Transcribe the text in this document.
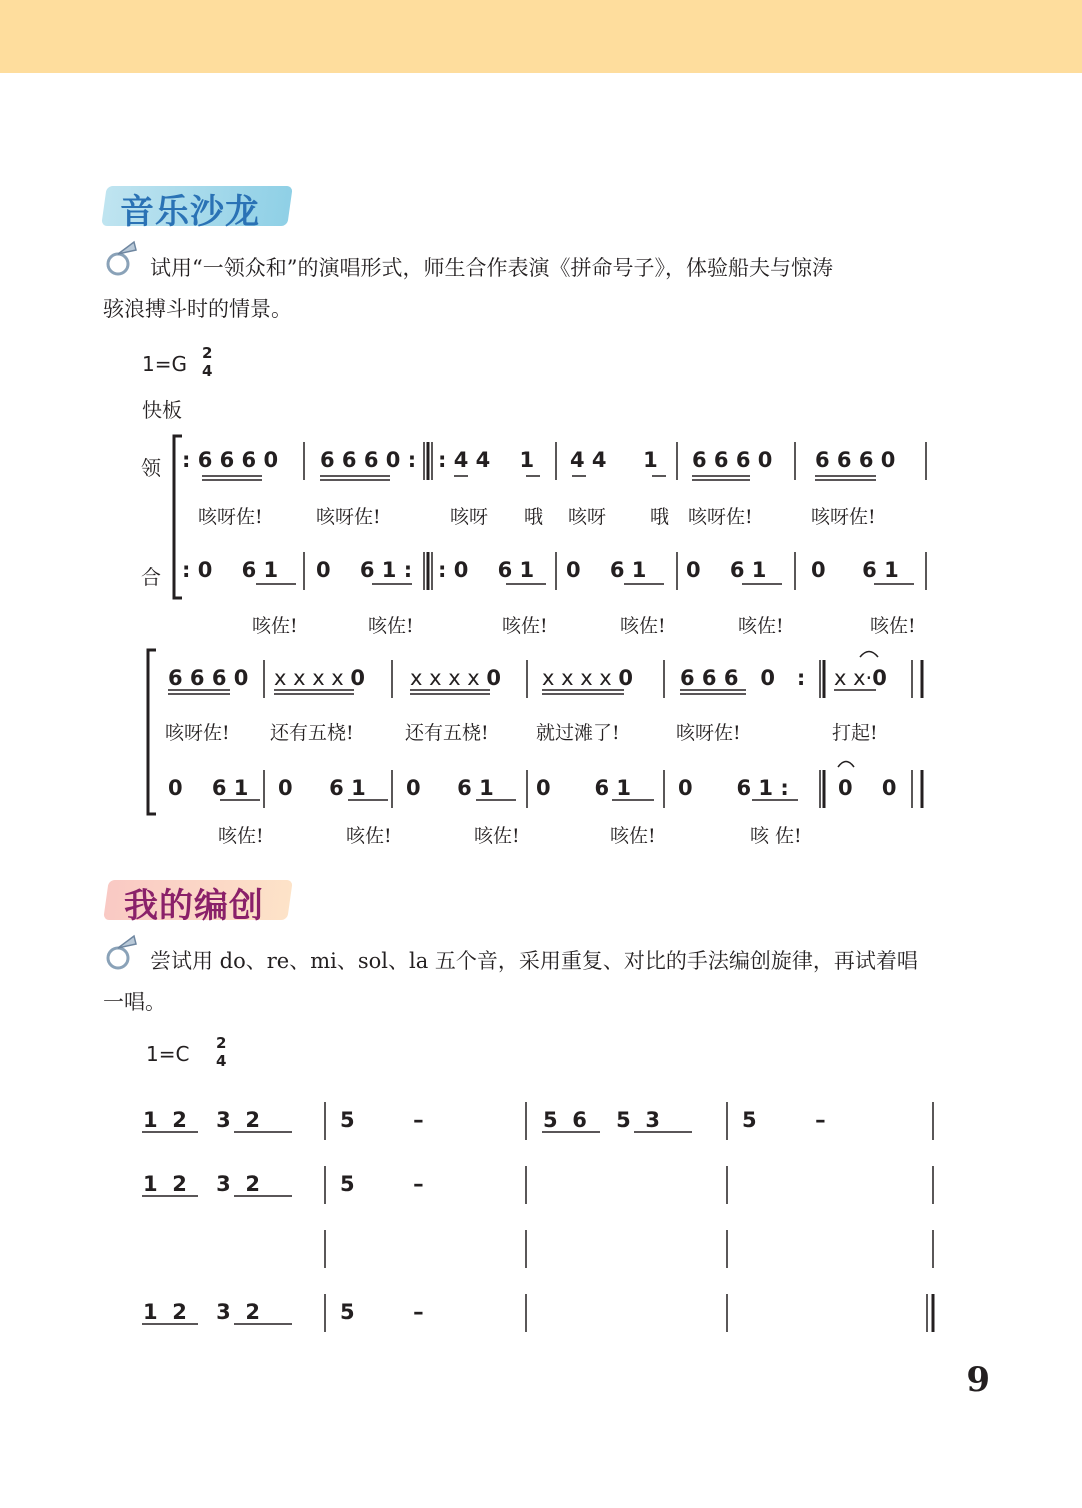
音乐沙龙
试用“一领众和”的演唱形式，师生合作表演《拼命号子》，体验船夫与惊涛
骇浪搏斗时的情景。
1=G 2
4
快板
领
合
: 6 6 6 0 6 6 6 0 : : 4 4    1 4 4     1 6 6 6 0 6 6 6 0
咳呀佐!	咳呀佐!	咳呀 哦 咳呀 哦 咳呀佐!	咳呀佐!
: 0    6 1 0    6 1 : : 0    6 1 0    6 1 0    6 1 0     6 1
咳佐!	咳佐!	咳佐!	咳佐!	咳佐!	咳佐!
6 6 6 0 x x x x 0 x x x x 0 x x x x 0 6 6 6   0   : x x·0
咳呀佐! 还有五桡!	还有五桡! 就过滩了!	咳呀佐!	打起!
0    6 1 0     6 1 0     6 1 0      6 1 0      6 1 : 0    0
咳佐!	咳佐!	咳佐!	咳佐!	咳 佐!
我的编创
尝试用 do、re、mi、sol、la 五个音，采用重复、对比的手法编创旋律，再试着唱
一唱。
1=C 2
4
1  2    3  2	5        –	5  6    5  3	5        –
1  2    3  2	5        –
1  2    3  2	5        –
9
